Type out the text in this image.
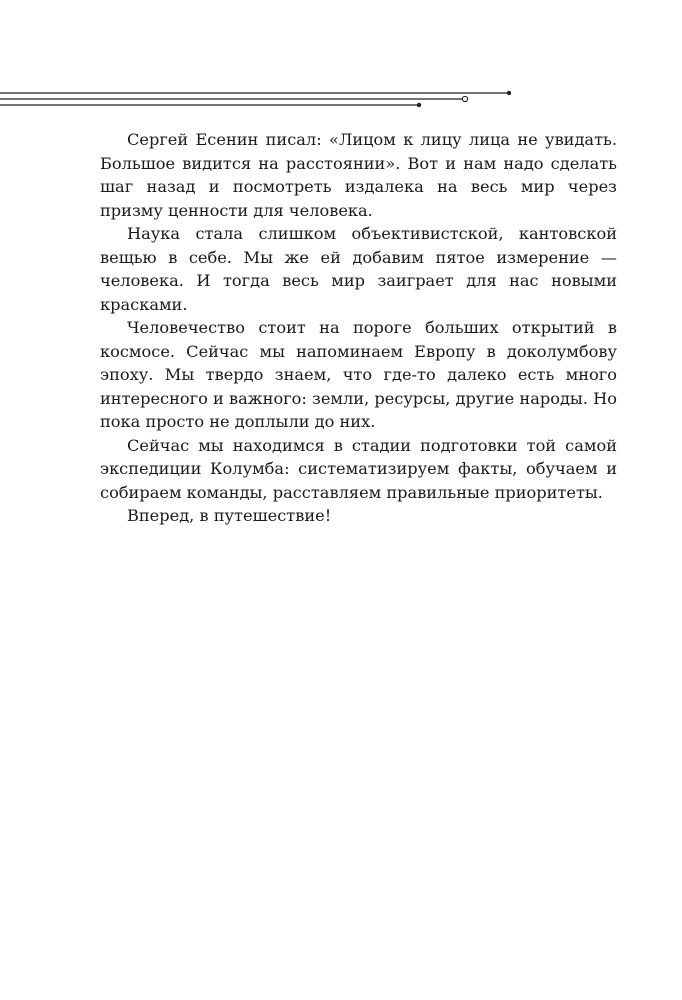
Сергей Есенин писал: «Лицом к лицу лица не увидать. Большое видится на расстоянии». Вот и нам надо сделать шаг назад и посмотреть издалека на весь мир через призму ценности для человека.

Наука стала слишком объективистской, кантовской вещью в себе. Мы же ей добавим пятое измерение — человека. И тогда весь мир заиграет для нас новыми красками.

Человечество стоит на пороге больших открытий в космосе. Сейчас мы напоминаем Европу в доколумбову эпоху. Мы твердо знаем, что где-то далеко есть много интересного и важного: земли, ресурсы, другие народы. Но пока просто не доплыли до них.

Сейчас мы находимся в стадии подготовки той самой экспедиции Колумба: систематизируем факты, обучаем и собираем команды, расставляем правильные приоритеты.

Вперед, в путешествие!
